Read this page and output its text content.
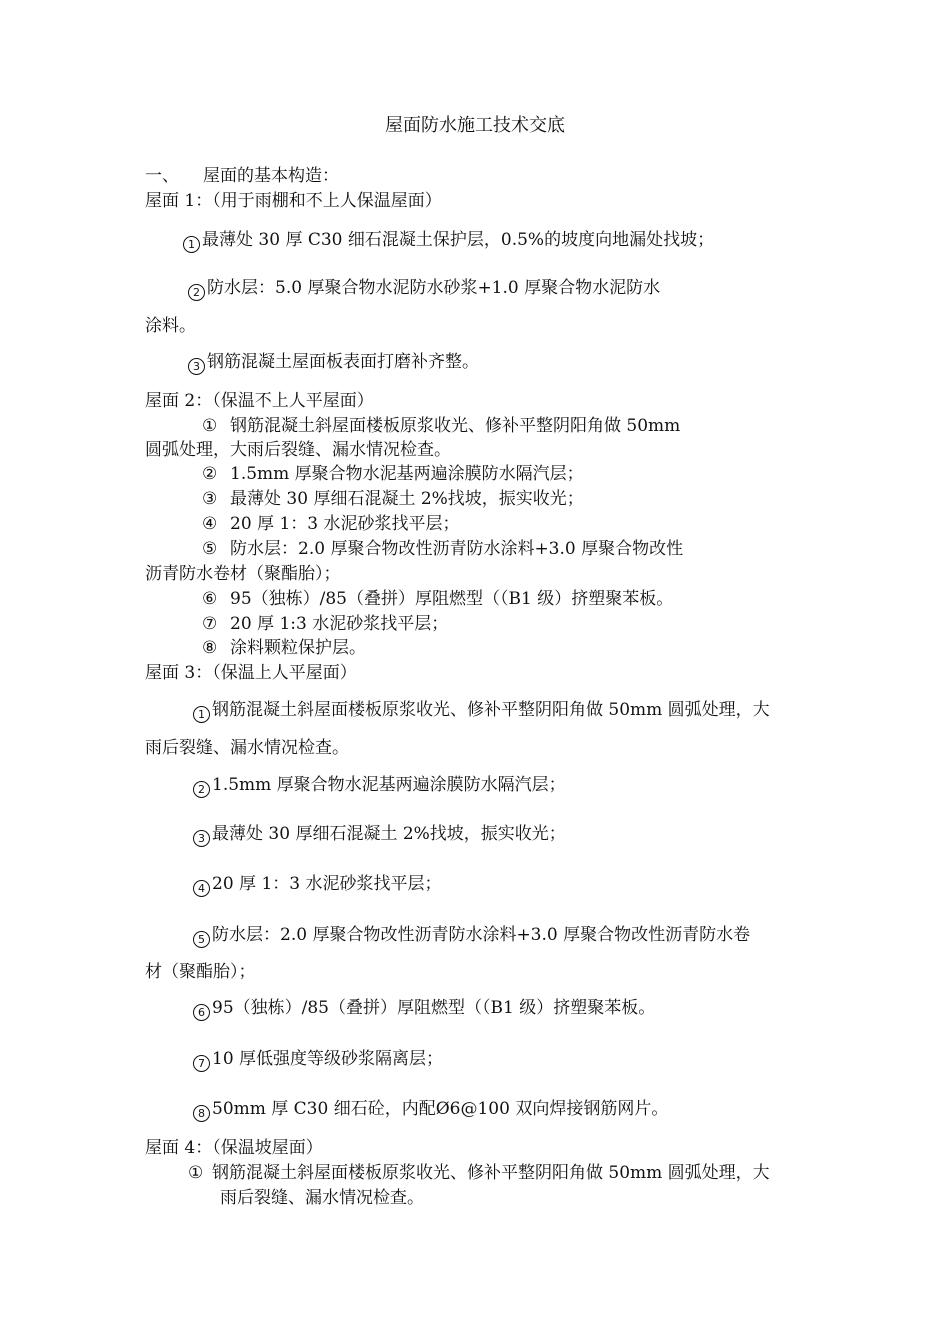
屋面防水施工技术交底
一、 屋面的基本构造：
屋面 1：（用于雨棚和不上人保温屋面）
1 最薄处 30 厚 C30 细石混凝土保护层，0.5%的坡度向地漏处找坡；
2 防水层：5.0 厚聚合物水泥防水砂浆+1.0 厚聚合物水泥防水
涂料。
3 钢筋混凝土屋面板表面打磨补齐整。
屋面 2：（保温不上人平屋面）
① 钢筋混凝土斜屋面楼板原浆收光、修补平整阴阳角做 50mm
圆弧处理，大雨后裂缝、漏水情况检查。
② 1.5mm 厚聚合物水泥基两遍涂膜防水隔汽层；
③ 最薄处 30 厚细石混凝土 2%找坡，振实收光；
④ 20 厚 1：3 水泥砂浆找平层；
⑤ 防水层：2.0 厚聚合物改性沥青防水涂料+3.0 厚聚合物改性
沥青防水卷材（聚酯胎）；
⑥ 95（独栋）/85（叠拼）厚阻燃型（（B1 级）挤塑聚苯板。
⑦ 20 厚 1:3 水泥砂浆找平层；
⑧ 涂料颗粒保护层。
屋面 3：（保温上人平屋面）
1 钢筋混凝土斜屋面楼板原浆收光、修补平整阴阳角做 50mm 圆弧处理，大
雨后裂缝、漏水情况检查。
2 1.5mm 厚聚合物水泥基两遍涂膜防水隔汽层；
3 最薄处 30 厚细石混凝土 2%找坡，振实收光；
4 20 厚 1：3 水泥砂浆找平层；
5 防水层：2.0 厚聚合物改性沥青防水涂料+3.0 厚聚合物改性沥青防水卷
材（聚酯胎）；
6 95（独栋）/85（叠拼）厚阻燃型（（B1 级）挤塑聚苯板。
7 10 厚低强度等级砂浆隔离层；
8 50mm 厚 C30 细石砼，内配Ø6@100 双向焊接钢筋网片。
屋面 4：（保温坡屋面）
① 钢筋混凝土斜屋面楼板原浆收光、修补平整阴阳角做 50mm 圆弧处理，大
雨后裂缝、漏水情况检查。
